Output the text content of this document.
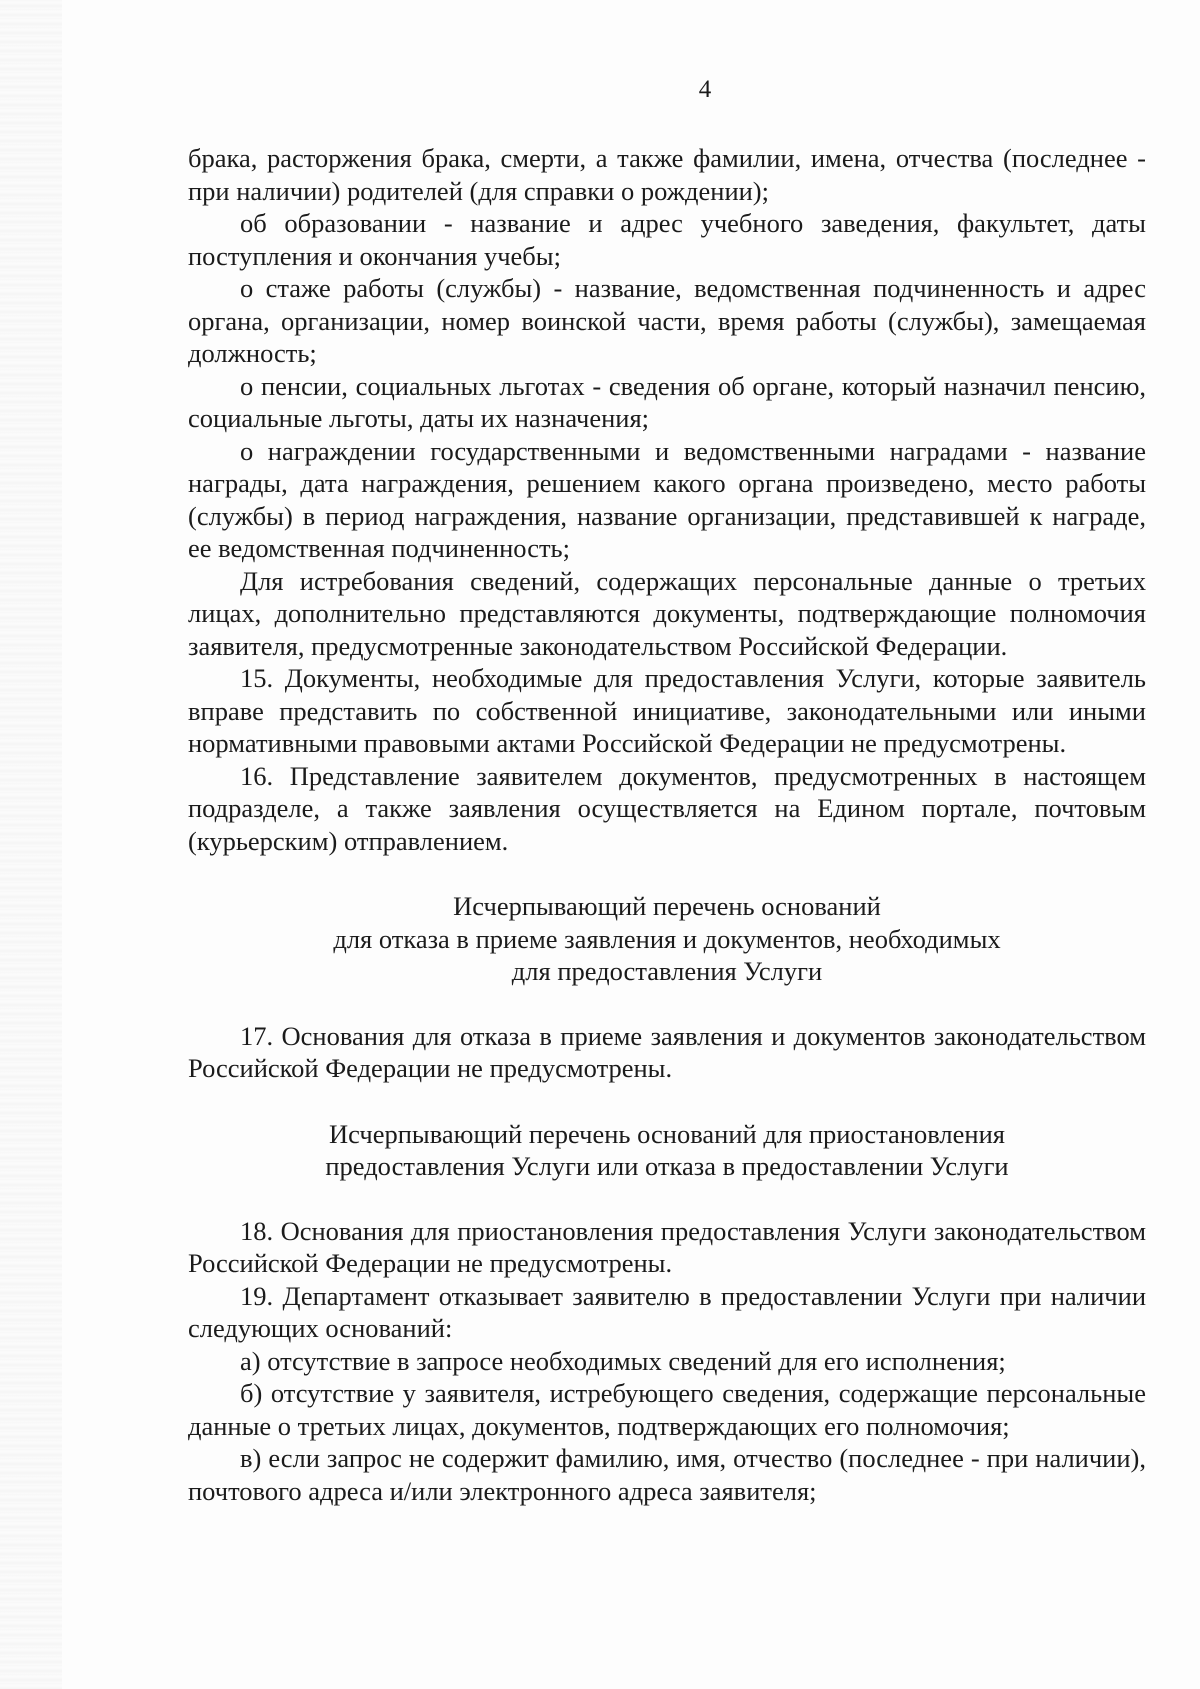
4

брака, расторжения брака, смерти, а также фамилии, имена, отчества (последнее - при наличии) родителей (для справки о рождении);

об образовании - название и адрес учебного заведения, факультет, даты поступления и окончания учебы;

о стаже работы (службы) - название, ведомственная подчиненность и адрес органа, организации, номер воинской части, время работы (службы), замещаемая должность;

о пенсии, социальных льготах - сведения об органе, который назначил пенсию, социальные льготы, даты их назначения;

о награждении государственными и ведомственными наградами - название награды, дата награждения, решением какого органа произведено, место работы (службы) в период награждения, название организации, представившей к награде, ее ведомственная подчиненность;

Для истребования сведений, содержащих персональные данные о третьих лицах, дополнительно представляются документы, подтверждающие полномочия заявителя, предусмотренные законодательством Российской Федерации.

15. Документы, необходимые для предоставления Услуги, которые заявитель вправе представить по собственной инициативе, законодательными или иными нормативными правовыми актами Российской Федерации не предусмотрены.

16. Представление заявителем документов, предусмотренных в настоящем подразделе, а также заявления осуществляется на Едином портале, почтовым (курьерским) отправлением.

Исчерпывающий перечень оснований

для отказа в приеме заявления и документов, необходимых

для предоставления Услуги

17. Основания для отказа в приеме заявления и документов законодательством Российской Федерации не предусмотрены.

Исчерпывающий перечень оснований для приостановления

предоставления Услуги или отказа в предоставлении Услуги

18. Основания для приостановления предоставления Услуги законодательством Российской Федерации не предусмотрены.

19. Департамент отказывает заявителю в предоставлении Услуги при наличии следующих оснований:

а) отсутствие в запросе необходимых сведений для его исполнения;

б) отсутствие у заявителя, истребующего сведения, содержащие персональные данные о третьих лицах, документов, подтверждающих его полномочия;

в) если запрос не содержит фамилию, имя, отчество (последнее - при наличии), почтового адреса и/или электронного адреса заявителя;
